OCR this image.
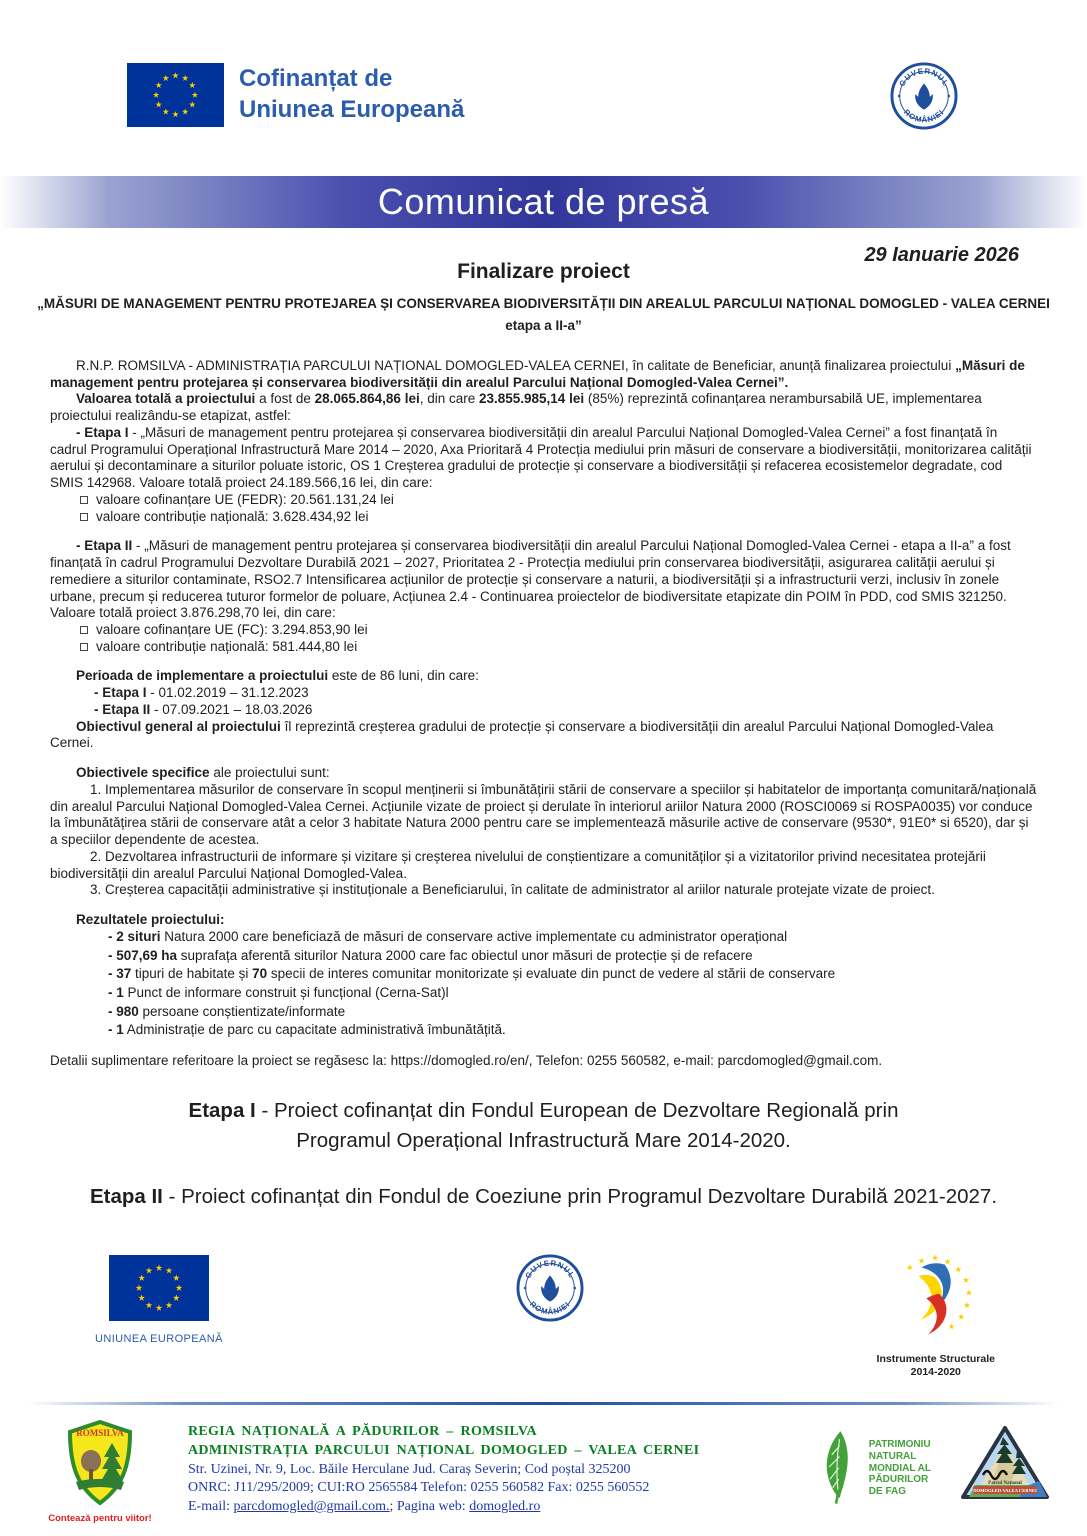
Cofinanțat de
Uniunea Europeană
GUVERNUL
ROMÂNIEI
Comunicat de presă
29 Ianuarie 2026
Finalizare proiect
„MĂSURI DE MANAGEMENT PENTRU PROTEJAREA ȘI CONSERVAREA BIODIVERSITĂȚII DIN AREALUL PARCULUI NAȚIONAL DOMOGLED - VALEA CERNEI
etapa a II-a”

R.N.P. ROMSILVA - ADMINISTRAȚIA PARCULUI NAȚIONAL DOMOGLED-VALEA CERNEI, în calitate de Beneficiar, anunță finalizarea proiectului „Măsuri de management pentru protejarea și conservarea biodiversității din arealul Parcului Național Domogled-Valea Cernei”.

Valoarea totală a proiectului a fost de 28.065.864,86 lei, din care 23.855.985,14 lei (85%) reprezintă cofinanțarea nerambursabilă UE, implementarea proiectului realizându-se etapizat, astfel:

- Etapa I - „Măsuri de management pentru protejarea și conservarea biodiversității din arealul Parcului Național Domogled-Valea Cernei” a fost finanțată în cadrul Programului Operațional Infrastructură Mare 2014 – 2020, Axa Prioritară 4 Protecția mediului prin măsuri de conservare a biodiversității, monitorizarea calității aerului și decontaminare a siturilor poluate istoric, OS 1 Creșterea gradului de protecție și conservare a biodiversității și refacerea ecosistemelor degradate, cod SMIS 142968. Valoare totală proiect 24.189.566,16 lei, din care:

valoare cofinanțare UE (FEDR): 20.561.131,24 lei
valoare contribuție națională: 3.628.434,92 lei

- Etapa II - „Măsuri de management pentru protejarea și conservarea biodiversității din arealul Parcului Național Domogled-Valea Cernei - etapa a II-a” a fost finanțată în cadrul Programului Dezvoltare Durabilă 2021 – 2027, Prioritatea 2 - Protecția mediului prin conservarea biodiversității, asigurarea calității aerului și remediere a siturilor contaminate, RSO2.7 Intensificarea acțiunilor de protecție și conservare a naturii, a biodiversității și a infrastructurii verzi, inclusiv în zonele urbane, precum și reducerea tuturor formelor de poluare, Acțiunea 2.4 - Continuarea proiectelor de biodiversitate etapizate din POIM în PDD, cod SMIS 321250. Valoare totală proiect 3.876.298,70 lei, din care:

valoare cofinanțare UE (FC): 3.294.853,90 lei
valoare contribuție națională: 581.444,80 lei

Perioada de implementare a proiectului este de 86 luni, din care:

- Etapa I - 01.02.2019 – 31.12.2023

- Etapa II - 07.09.2021 – 18.03.2026

Obiectivul general al proiectului îl reprezintă creșterea gradului de protecție și conservare a biodiversității din arealul Parcului Național Domogled-Valea Cernei.

Obiectivele specifice ale proiectului sunt:

1. Implementarea măsurilor de conservare în scopul menținerii si îmbunătățirii stării de conservare a speciilor și habitatelor de importanța comunitară/națională din arealul Parcului Național Domogled-Valea Cernei. Acțiunile vizate de proiect și derulate în interiorul ariilor Natura 2000 (ROSCI0069 si ROSPA0035) vor conduce la îmbunătățirea stării de conservare atât a celor 3 habitate Natura 2000 pentru care se implementează măsurile active de conservare (9530*, 91E0* si 6520), dar și a speciilor dependente de acestea.

2. Dezvoltarea infrastructurii de informare și vizitare și creșterea nivelului de conștientizare a comunităților și a vizitatorilor privind necesitatea protejării biodiversității din arealul Parcului Național Domogled-Valea.

3. Creșterea capacității administrative și instituționale a Beneficiarului, în calitate de administrator al ariilor naturale protejate vizate de proiect.

Rezultatele proiectului:

- 2 situri Natura 2000 care beneficiază de măsuri de conservare active implementate cu administrator operațional

- 507,69 ha suprafața aferentă siturilor Natura 2000 care fac obiectul unor măsuri de protecție și de refacere

- 37 tipuri de habitate și 70 specii de interes comunitar monitorizate și evaluate din punct de vedere al stării de conservare

- 1 Punct de informare construit și funcțional (Cerna-Sat)l

- 980 persoane conștientizate/informate

- 1 Administrație de parc cu capacitate administrativă îmbunătățită.

Detalii suplimentare referitoare la proiect se regăsesc la: https://domogled.ro/en/, Telefon: 0255 560582, e-mail: parcdomogled@gmail.com.

Etapa I - Proiect cofinanțat din Fondul European de Dezvoltare Regională prin Programul Operațional Infrastructură Mare 2014-2020.
Etapa II - Proiect cofinanțat din Fondul de Coeziune prin Programul Dezvoltare Durabilă 2021-2027.
UNIUNEA EUROPEANĂ
GUVERNUL
ROMÂNIEI
Instrumente Structurale
2014-2020
ROMSILVA
Contează pentru viitor!
REGIA NAȚIONALĂ A PĂDURILOR – ROMSILVA
ADMINISTRAȚIA PARCULUI NAȚIONAL DOMOGLED – VALEA CERNEI
Str. Uzinei, Nr. 9, Loc. Băile Herculane Jud. Caraș Severin; Cod poștal 325200
ONRC: J11/295/2009; CUI:RO 2565584 Telefon: 0255 560582 Fax: 0255 560552
E-mail: parcdomogled@gmail.com.; Pagina web: domogled.ro
PATRIMONIU
NATURAL
MONDIAL AL
PĂDURILOR
DE FAG
Parcul Național
DOMOGLED-VALEA CERNEI
